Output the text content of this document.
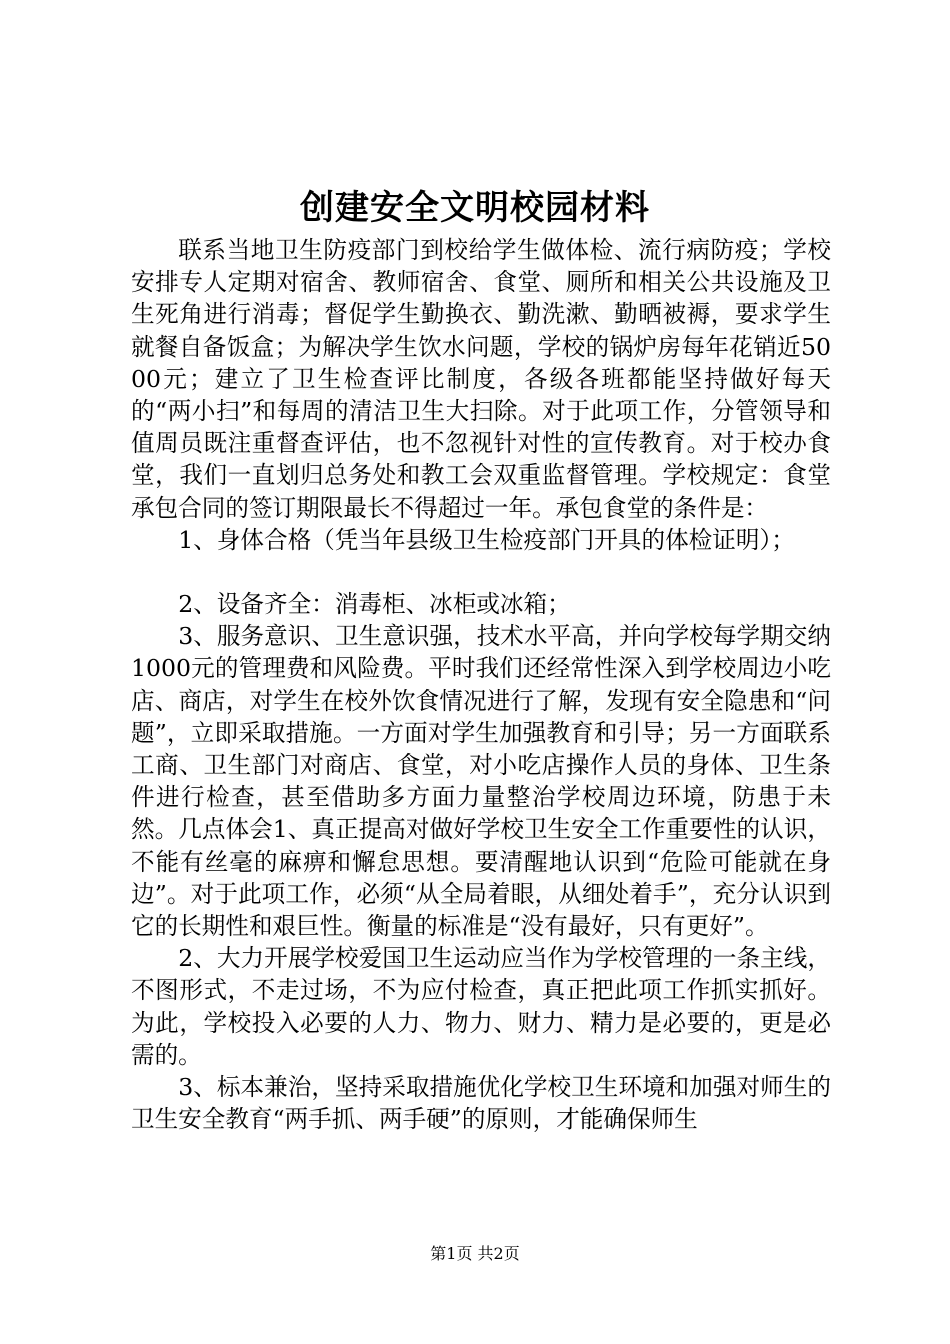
创建安全文明校园材料

联系当地卫生防疫部门到校给学生做体检、流行病防疫；学校安排专人定期对宿舍、教师宿舍、食堂、厕所和相关公共设施及卫生死角进行消毒；督促学生勤换衣、勤洗漱、勤晒被褥，要求学生就餐自备饭盒；为解决学生饮水问题，学校的锅炉房每年花销近5000元；建立了卫生检查评比制度，各级各班都能坚持做好每天的“两小扫”和每周的清洁卫生大扫除。对于此项工作，分管领导和值周员既注重督查评估，也不忽视针对性的宣传教育。对于校办食堂，我们一直划归总务处和教工会双重监督管理。学校规定：食堂承包合同的签订期限最长不得超过一年。承包食堂的条件是：

1、身体合格（凭当年县级卫生检疫部门开具的体检证明）；

2、设备齐全：消毒柜、冰柜或冰箱；

3、服务意识、卫生意识强，技术水平高，并向学校每学期交纳1000元的管理费和风险费。平时我们还经常性深入到学校周边小吃店、商店，对学生在校外饮食情况进行了解，发现有安全隐患和“问题”，立即采取措施。一方面对学生加强教育和引导；另一方面联系工商、卫生部门对商店、食堂，对小吃店操作人员的身体、卫生条件进行检查，甚至借助多方面力量整治学校周边环境，防患于未然。几点体会1、真正提高对做好学校卫生安全工作重要性的认识，不能有丝毫的麻痹和懈怠思想。要清醒地认识到“危险可能就在身边”。对于此项工作，必须“从全局着眼，从细处着手”，充分认识到它的长期性和艰巨性。衡量的标准是“没有最好，只有更好”。

2、大力开展学校爱国卫生运动应当作为学校管理的一条主线，不图形式，不走过场，不为应付检查，真正把此项工作抓实抓好。为此，学校投入必要的人力、物力、财力、精力是必要的，更是必需的。

3、标本兼治，坚持采取措施优化学校卫生环境和加强对师生的卫生安全教育“两手抓、两手硬”的原则，才能确保师生

第1页 共2页
